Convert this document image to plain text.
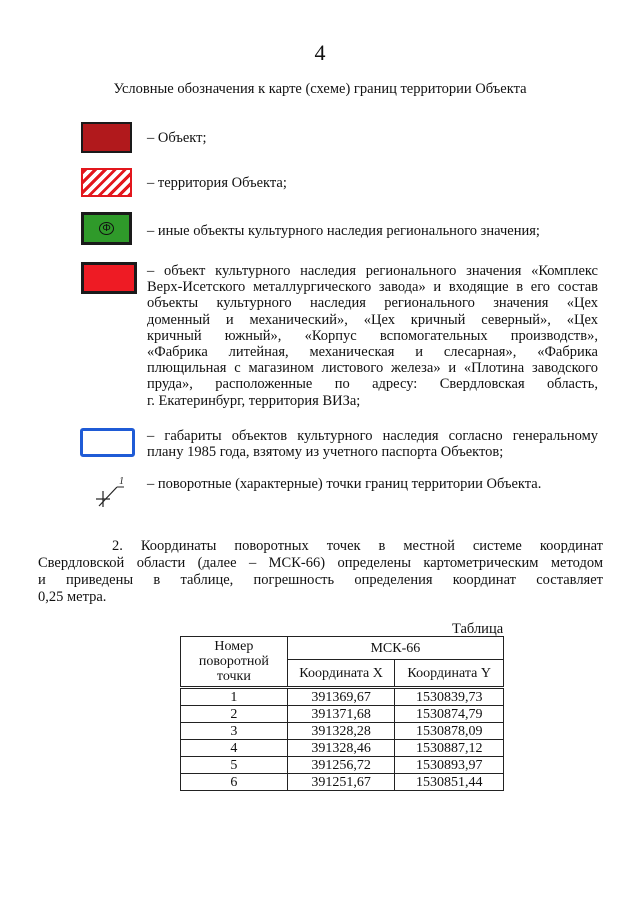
4
Условные обозначения к карте (схеме) границ территории Объекта

– Объект;

– территория Объекта;

Ф – иные объекты культурного наследия регионального значения;

– объект культурного наследия регионального значения «Комплекс
Верх-Исетского металлургического завода» и входящие в его состав
объекты культурного наследия регионального значения «Цех
доменный и механический», «Цех кричный северный», «Цех
кричный южный», «Корпус вспомогательных производств»,
«Фабрика литейная, механическая и слесарная», «Фабрика
плющильная с магазином листового железа» и «Плотина заводского
пруда», расположенные по адресу: Свердловская область,
г. Екатеринбург, территория ВИЗа;
– габариты объектов культурного наследия согласно генеральному
плану 1985 года, взятому из учетного паспорта Объектов;
1 – поворотные (характерные) точки границ территории Объекта.

2. Координаты поворотных точек в местной системе координат
Свердловской области (далее – МСК-66) определены картометрическим методом
и приведены в таблице, погрешность определения координат составляет
0,25 метра.
Таблица
Номер поворотной точки	МСК-66	
	Координата X	Координата Y
1	391369,67	1530839,73
2	391371,68	1530874,79
3	391328,28	1530878,09
4	391328,46	1530887,12
5	391256,72	1530893,97
6	391251,67	1530851,44
